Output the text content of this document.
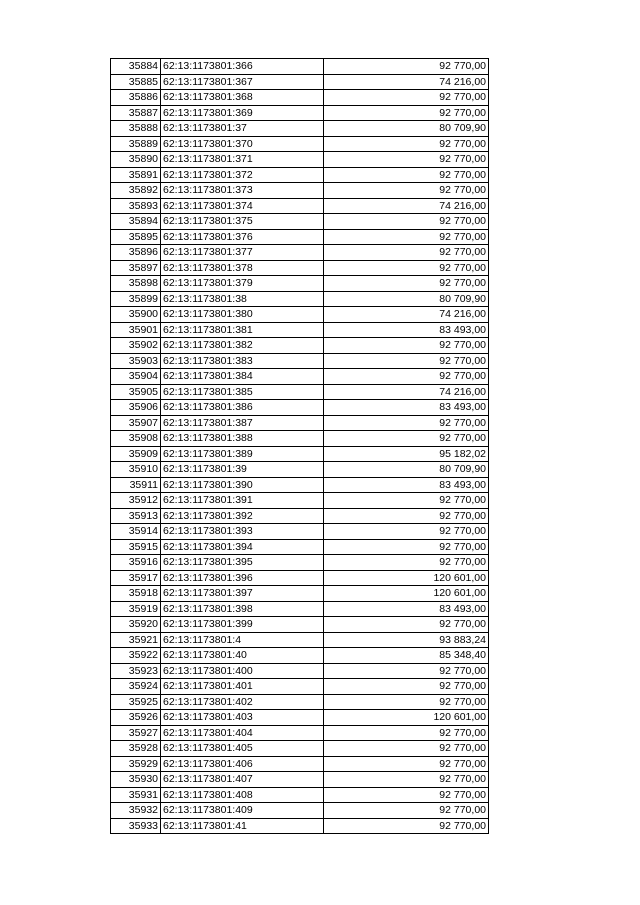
35884	62:13:1173801:366	92 770,00
35885	62:13:1173801:367	74 216,00
35886	62:13:1173801:368	92 770,00
35887	62:13:1173801:369	92 770,00
35888	62:13:1173801:37	80 709,90
35889	62:13:1173801:370	92 770,00
35890	62:13:1173801:371	92 770,00
35891	62:13:1173801:372	92 770,00
35892	62:13:1173801:373	92 770,00
35893	62:13:1173801:374	74 216,00
35894	62:13:1173801:375	92 770,00
35895	62:13:1173801:376	92 770,00
35896	62:13:1173801:377	92 770,00
35897	62:13:1173801:378	92 770,00
35898	62:13:1173801:379	92 770,00
35899	62:13:1173801:38	80 709,90
35900	62:13:1173801:380	74 216,00
35901	62:13:1173801:381	83 493,00
35902	62:13:1173801:382	92 770,00
35903	62:13:1173801:383	92 770,00
35904	62:13:1173801:384	92 770,00
35905	62:13:1173801:385	74 216,00
35906	62:13:1173801:386	83 493,00
35907	62:13:1173801:387	92 770,00
35908	62:13:1173801:388	92 770,00
35909	62:13:1173801:389	95 182,02
35910	62:13:1173801:39	80 709,90
35911	62:13:1173801:390	83 493,00
35912	62:13:1173801:391	92 770,00
35913	62:13:1173801:392	92 770,00
35914	62:13:1173801:393	92 770,00
35915	62:13:1173801:394	92 770,00
35916	62:13:1173801:395	92 770,00
35917	62:13:1173801:396	120 601,00
35918	62:13:1173801:397	120 601,00
35919	62:13:1173801:398	83 493,00
35920	62:13:1173801:399	92 770,00
35921	62:13:1173801:4	93 883,24
35922	62:13:1173801:40	85 348,40
35923	62:13:1173801:400	92 770,00
35924	62:13:1173801:401	92 770,00
35925	62:13:1173801:402	92 770,00
35926	62:13:1173801:403	120 601,00
35927	62:13:1173801:404	92 770,00
35928	62:13:1173801:405	92 770,00
35929	62:13:1173801:406	92 770,00
35930	62:13:1173801:407	92 770,00
35931	62:13:1173801:408	92 770,00
35932	62:13:1173801:409	92 770,00
35933	62:13:1173801:41	92 770,00
